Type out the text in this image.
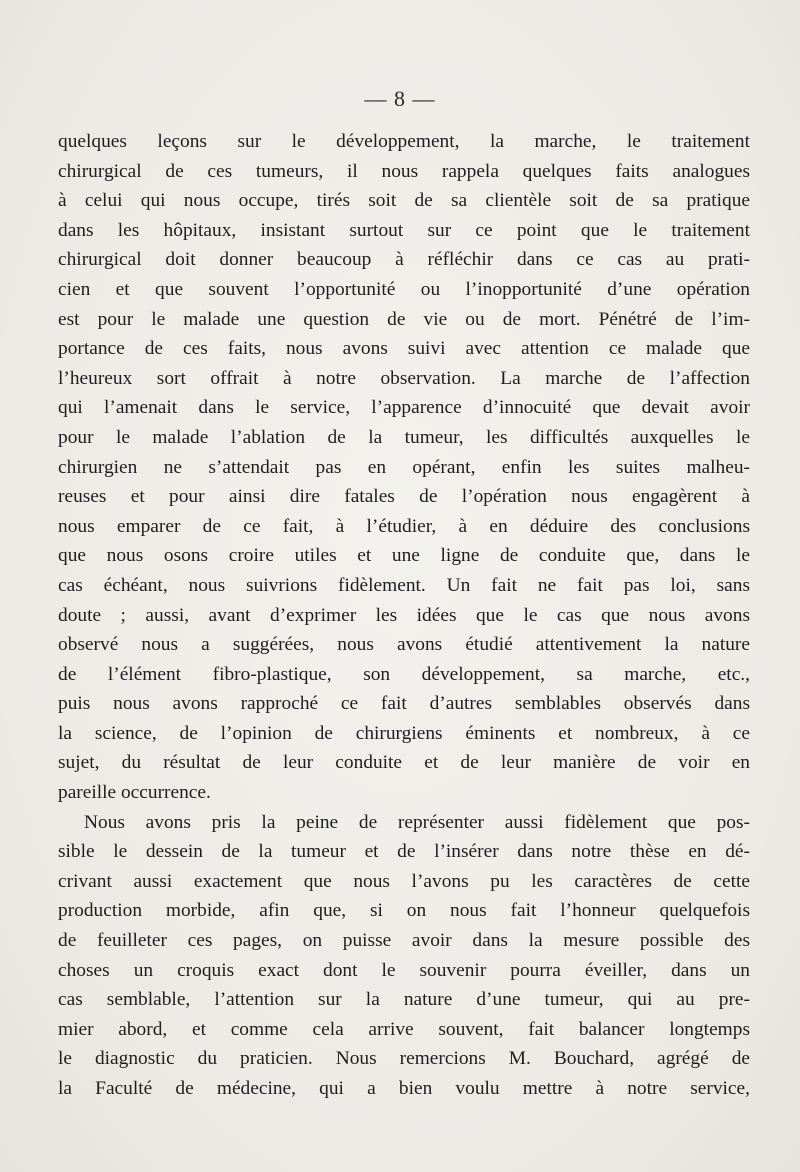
— 8 —
quelques leçons sur le développement, la marche, le traitement
chirurgical de ces tumeurs, il nous rappela quelques faits analogues
à celui qui nous occupe, tirés soit de sa clientèle soit de sa pratique
dans les hôpitaux, insistant surtout sur ce point que le traitement
chirurgical doit donner beaucoup à réfléchir dans ce cas au prati-
cien et que souvent l’opportunité ou l’inopportunité d’une opération
est pour le malade une question de vie ou de mort. Pénétré de l’im-
portance de ces faits, nous avons suivi avec attention ce malade que
l’heureux sort offrait à notre observation. La marche de l’affection
qui l’amenait dans le service, l’apparence d’innocuité que devait avoir
pour le malade l’ablation de la tumeur, les difficultés auxquelles le
chirurgien ne s’attendait pas en opérant, enfin les suites malheu-
reuses et pour ainsi dire fatales de l’opération nous engagèrent à
nous emparer de ce fait, à l’étudier, à en déduire des conclusions
que nous osons croire utiles et une ligne de conduite que, dans le
cas échéant, nous suivrions fidèlement. Un fait ne fait pas loi, sans
doute ; aussi, avant d’exprimer les idées que le cas que nous avons
observé nous a suggérées, nous avons étudié attentivement la nature
de l’élément fibro-plastique, son développement, sa marche, etc.,
puis nous avons rapproché ce fait d’autres semblables observés dans
la science, de l’opinion de chirurgiens éminents et nombreux, à ce
sujet, du résultat de leur conduite et de leur manière de voir en
pareille occurrence.
Nous avons pris la peine de représenter aussi fidèlement que pos-
sible le dessein de la tumeur et de l’insérer dans notre thèse en dé-
crivant aussi exactement que nous l’avons pu les caractères de cette
production morbide, afin que, si on nous fait l’honneur quelquefois
de feuilleter ces pages, on puisse avoir dans la mesure possible des
choses un croquis exact dont le souvenir pourra éveiller, dans un
cas semblable, l’attention sur la nature d’une tumeur, qui au pre-
mier abord, et comme cela arrive souvent, fait balancer longtemps
le diagnostic du praticien. Nous remercions M. Bouchard, agrégé de
la Faculté de médecine, qui a bien voulu mettre à notre service,
